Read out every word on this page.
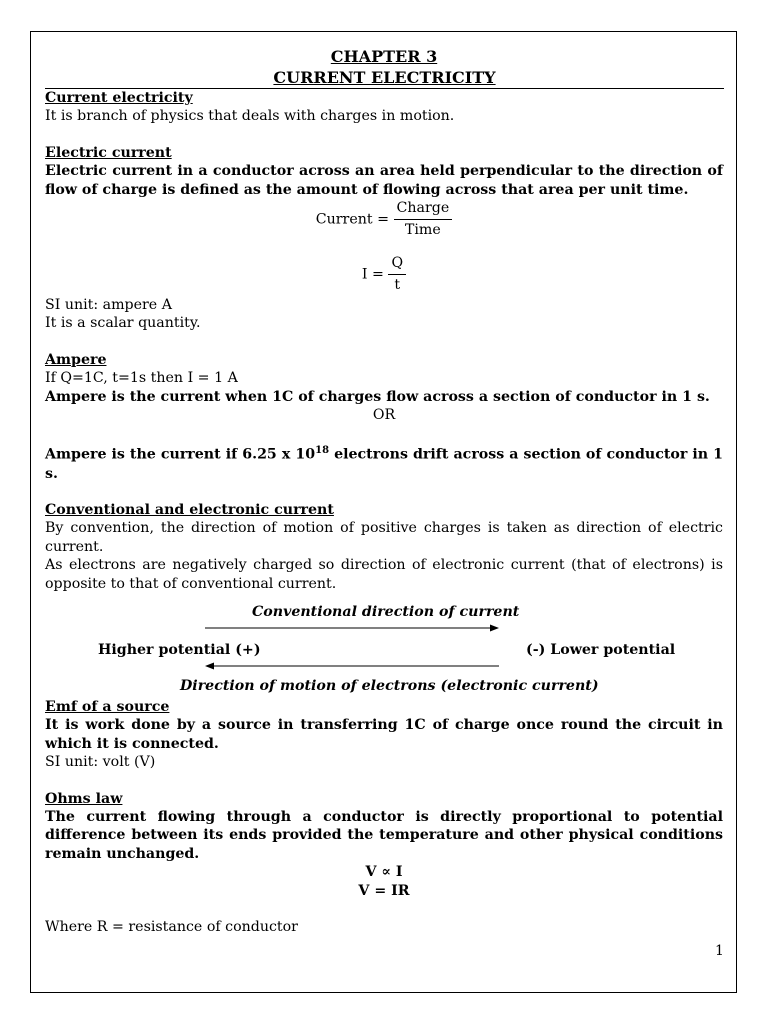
CHAPTER 3
CURRENT ELECTRICITY

Current electricity

It is branch of physics that deals with charges in motion.

Electric current

Electric current in a conductor across an area held perpendicular to the direction of flow of charge is defined as the amount of flowing across that area per unit time.

Current = $\frac{\text{Charge}}{\text{Time}}$
$I = \frac{Q}{t}$

SI unit: ampere A

It is a scalar quantity.

Ampere

If Q=1C, t=1s then I = 1 A

Ampere is the current when 1C of charges flow across a section of conductor in 1 s.

OR

Ampere is the current if 6.25 x $10^{18}$ electrons drift across a section of conductor in 1 s.

Conventional and electronic current

By convention, the direction of motion of positive charges is taken as direction of electric current.

As electrons are negatively charged so direction of electronic current (that of electrons) is opposite to that of conventional current.

Conventional direction of current
Higher potential (+)	(-) Lower potential
Direction of motion of electrons (electronic current)

Emf of a source

It is work done by a source in transferring 1C of charge once round the circuit in which it is connected.

SI unit: volt (V)

Ohms law

The current flowing through a conductor is directly proportional to potential difference between its ends provided the temperature and other physical conditions remain unchanged.

V ∝ I

V = IR

Where R = resistance of conductor

1
